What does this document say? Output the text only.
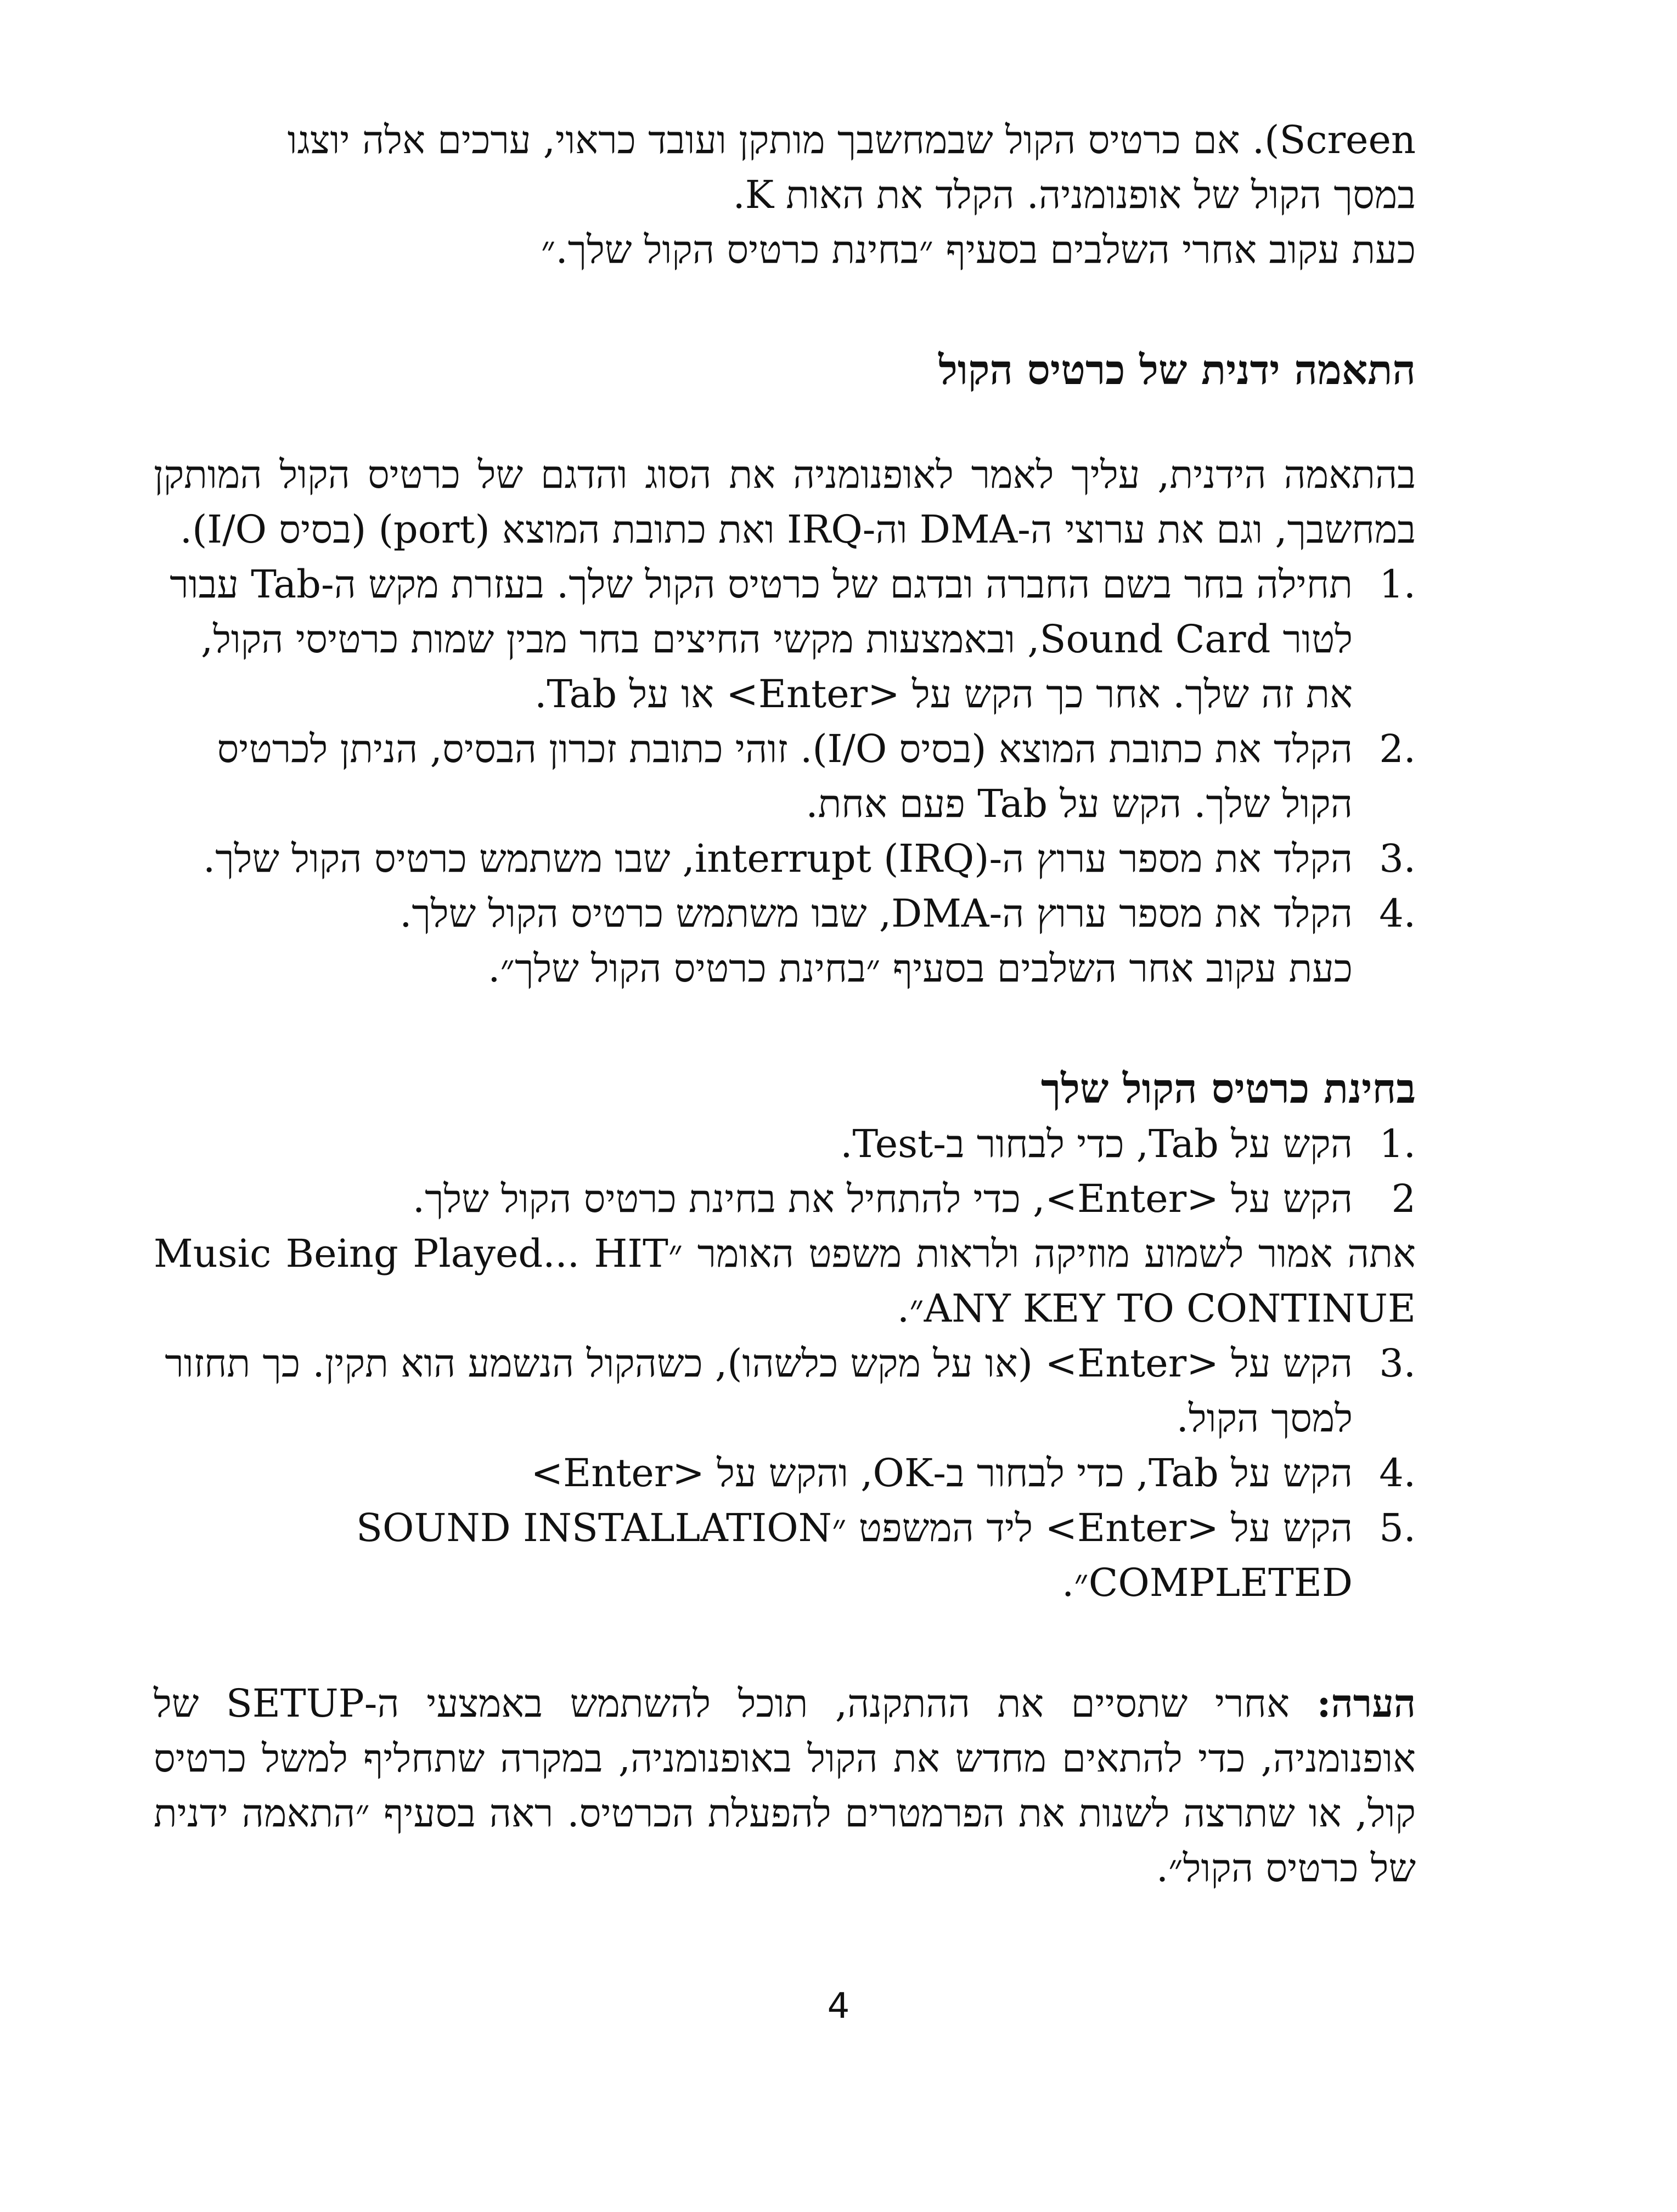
Screen). אם כרטיס הקול שבמחשבך מותקן ועובד כראוי, ערכים אלה יוצגו

במסך הקול של אופנומניה. הקלד את האות K.

כעת עקוב אחרי השלבים בסעיף ״בחינת כרטיס הקול שלך.״

התאמה ידנית של כרטיס הקול

בהתאמה הידנית, עליך לאמר לאופנומניה את הסוג והדגם של כרטיס הקול המותקן במחשבך, וגם את ערוצי ה-DMA וה-IRQ ואת כתובת המוצא (port) (בסיס I/O).

1.
תחילה בחר בשם החברה ובדגם של כרטיס הקול שלך. בעזרת מקש ה-Tab עבור לטור Sound Card, ובאמצעות מקשי החיצים בחר מבין שמות כרטיסי הקול, את זה שלך. אחר כך הקש על <Enter> או על Tab.
2.
הקלד את כתובת המוצא (בסיס I/O). זוהי כתובת זכרון הבסיס, הניתן לכרטיס הקול שלך. הקש על Tab פעם אחת.
3.
הקלד את מספר ערוץ ה-interrupt (IRQ), שבו משתמש כרטיס הקול שלך.
4.
הקלד את מספר ערוץ ה-DMA, שבו משתמש כרטיס הקול שלך.

כעת עקוב אחר השלבים בסעיף ״בחינת כרטיס הקול שלך״.

בחינת כרטיס הקול שלך
1.
הקש על Tab, כדי לבחור ב-Test.
2
הקש על <Enter>, כדי להתחיל את בחינת כרטיס הקול שלך.

אתה אמור לשמוע מוזיקה ולראות משפט האומר ״Music Being Played... HIT ANY KEY TO CONTINUE״.

3.
הקש על <Enter> (או על מקש כלשהו), כשהקול הנשמע הוא תקין. כך תחזור למסך הקול.
4.
הקש על Tab, כדי לבחור ב-OK, והקש על <Enter>
5.
הקש על <Enter> ליד המשפט ״SOUND INSTALLATION COMPLETED״.

הערה: אחרי שתסיים את ההתקנה, תוכל להשתמש באמצעי ה-SETUP של אופנומניה, כדי להתאים מחדש את הקול באופנומניה, במקרה שתחליף למשל כרטיס קול, או שתרצה לשנות את הפרמטרים להפעלת הכרטיס. ראה בסעיף ״התאמה ידנית של כרטיס הקול״.

4
